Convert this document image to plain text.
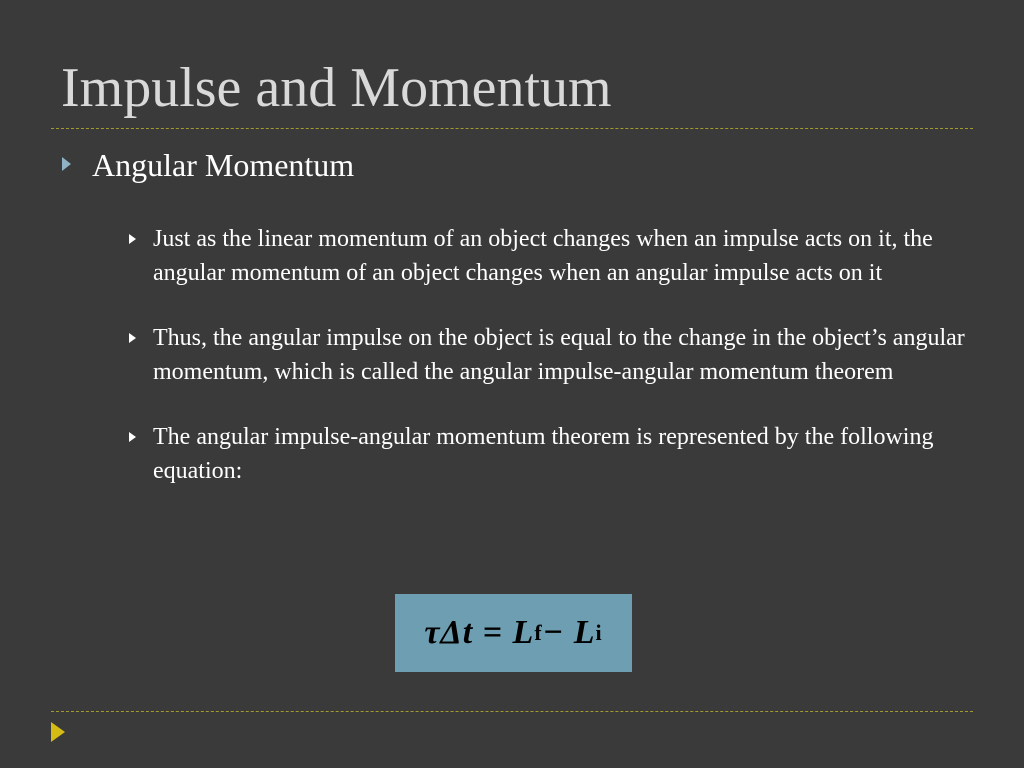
Impulse and Momentum
Angular Momentum
Just as the linear momentum of an object changes when an impulse acts on it, the angular momentum of an object changes when an angular impulse acts on it
Thus, the angular impulse on the object is equal to the change in the object’s angular momentum, which is called the angular impulse-angular momentum theorem
The angular impulse-angular momentum theorem is represented by the following equation:
τΔt = L f − L i
